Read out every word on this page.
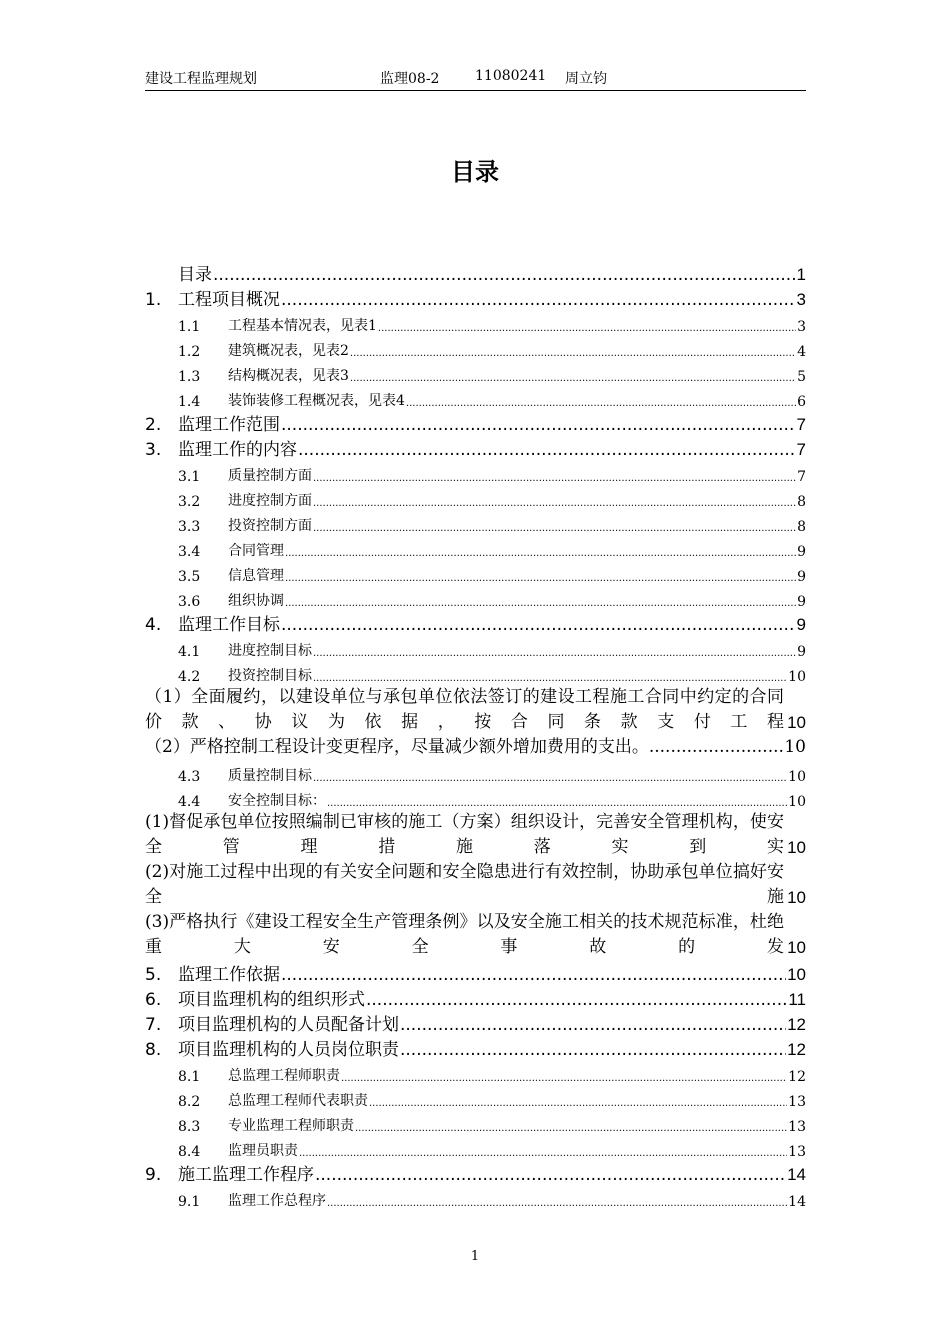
建设工程监理规划	监理08-2	11080241 周立钧
目录
目录 .....	1
1. 工程项目概况 .....	3
1.1	工程基本情况表，见表1 .....	3
1.2	建筑概况表，见表2 .....	4
1.3	结构概况表，见表3 .....	5
1.4	装饰装修工程概况表，见表4 .....	6
2. 监理工作范围 .....	7
3. 监理工作的内容 .....	7
3.1	质量控制方面 .....	7
3.2	进度控制方面 .....	8
3.3	投资控制方面 .....	8
3.4	合同管理 .....	9
3.5	信息管理 .....	9
3.6	组织协调 .....	9
4. 监理工作目标 .....	9
4.1	进度控制目标 .....	9
4.2	投资控制目标 .....	10
（1）全面履约，以建设单位与承包单位依法签订的建设工程施工合同中约定的合同价款、协议为依据，按合同条款支付工程 10
（2）严格控制工程设计变更程序，尽量减少额外增加费用的支出。 .....	10
4.3	质量控制目标 .....	10
4.4	安全控制目标： .....	10
(1)督促承包单位按照编制已审核的施工（方案）组织设计，完善安全管理机构，使安全管理措施落实到实 10
(2)对施工过程中出现的有关安全问题和安全隐患进行有效控制，协助承包单位搞好安全施 10
(3)严格执行《建设工程安全生产管理条例》以及安全施工相关的技术规范标准，杜绝重大安全事故的发 10
5. 监理工作依据 .....	10
6. 项目监理机构的组织形式 .....	11
7. 项目监理机构的人员配备计划 .....	12
8. 项目监理机构的人员岗位职责 .....	12
8.1	总监理工程师职责 .....	12
8.2	总监理工程师代表职责 .....	13
8.3	专业监理工程师职责 .....	13
8.4	监理员职责 .....	13
9. 施工监理工作程序 .....	14
9.1	监理工作总程序 .....	14
1
